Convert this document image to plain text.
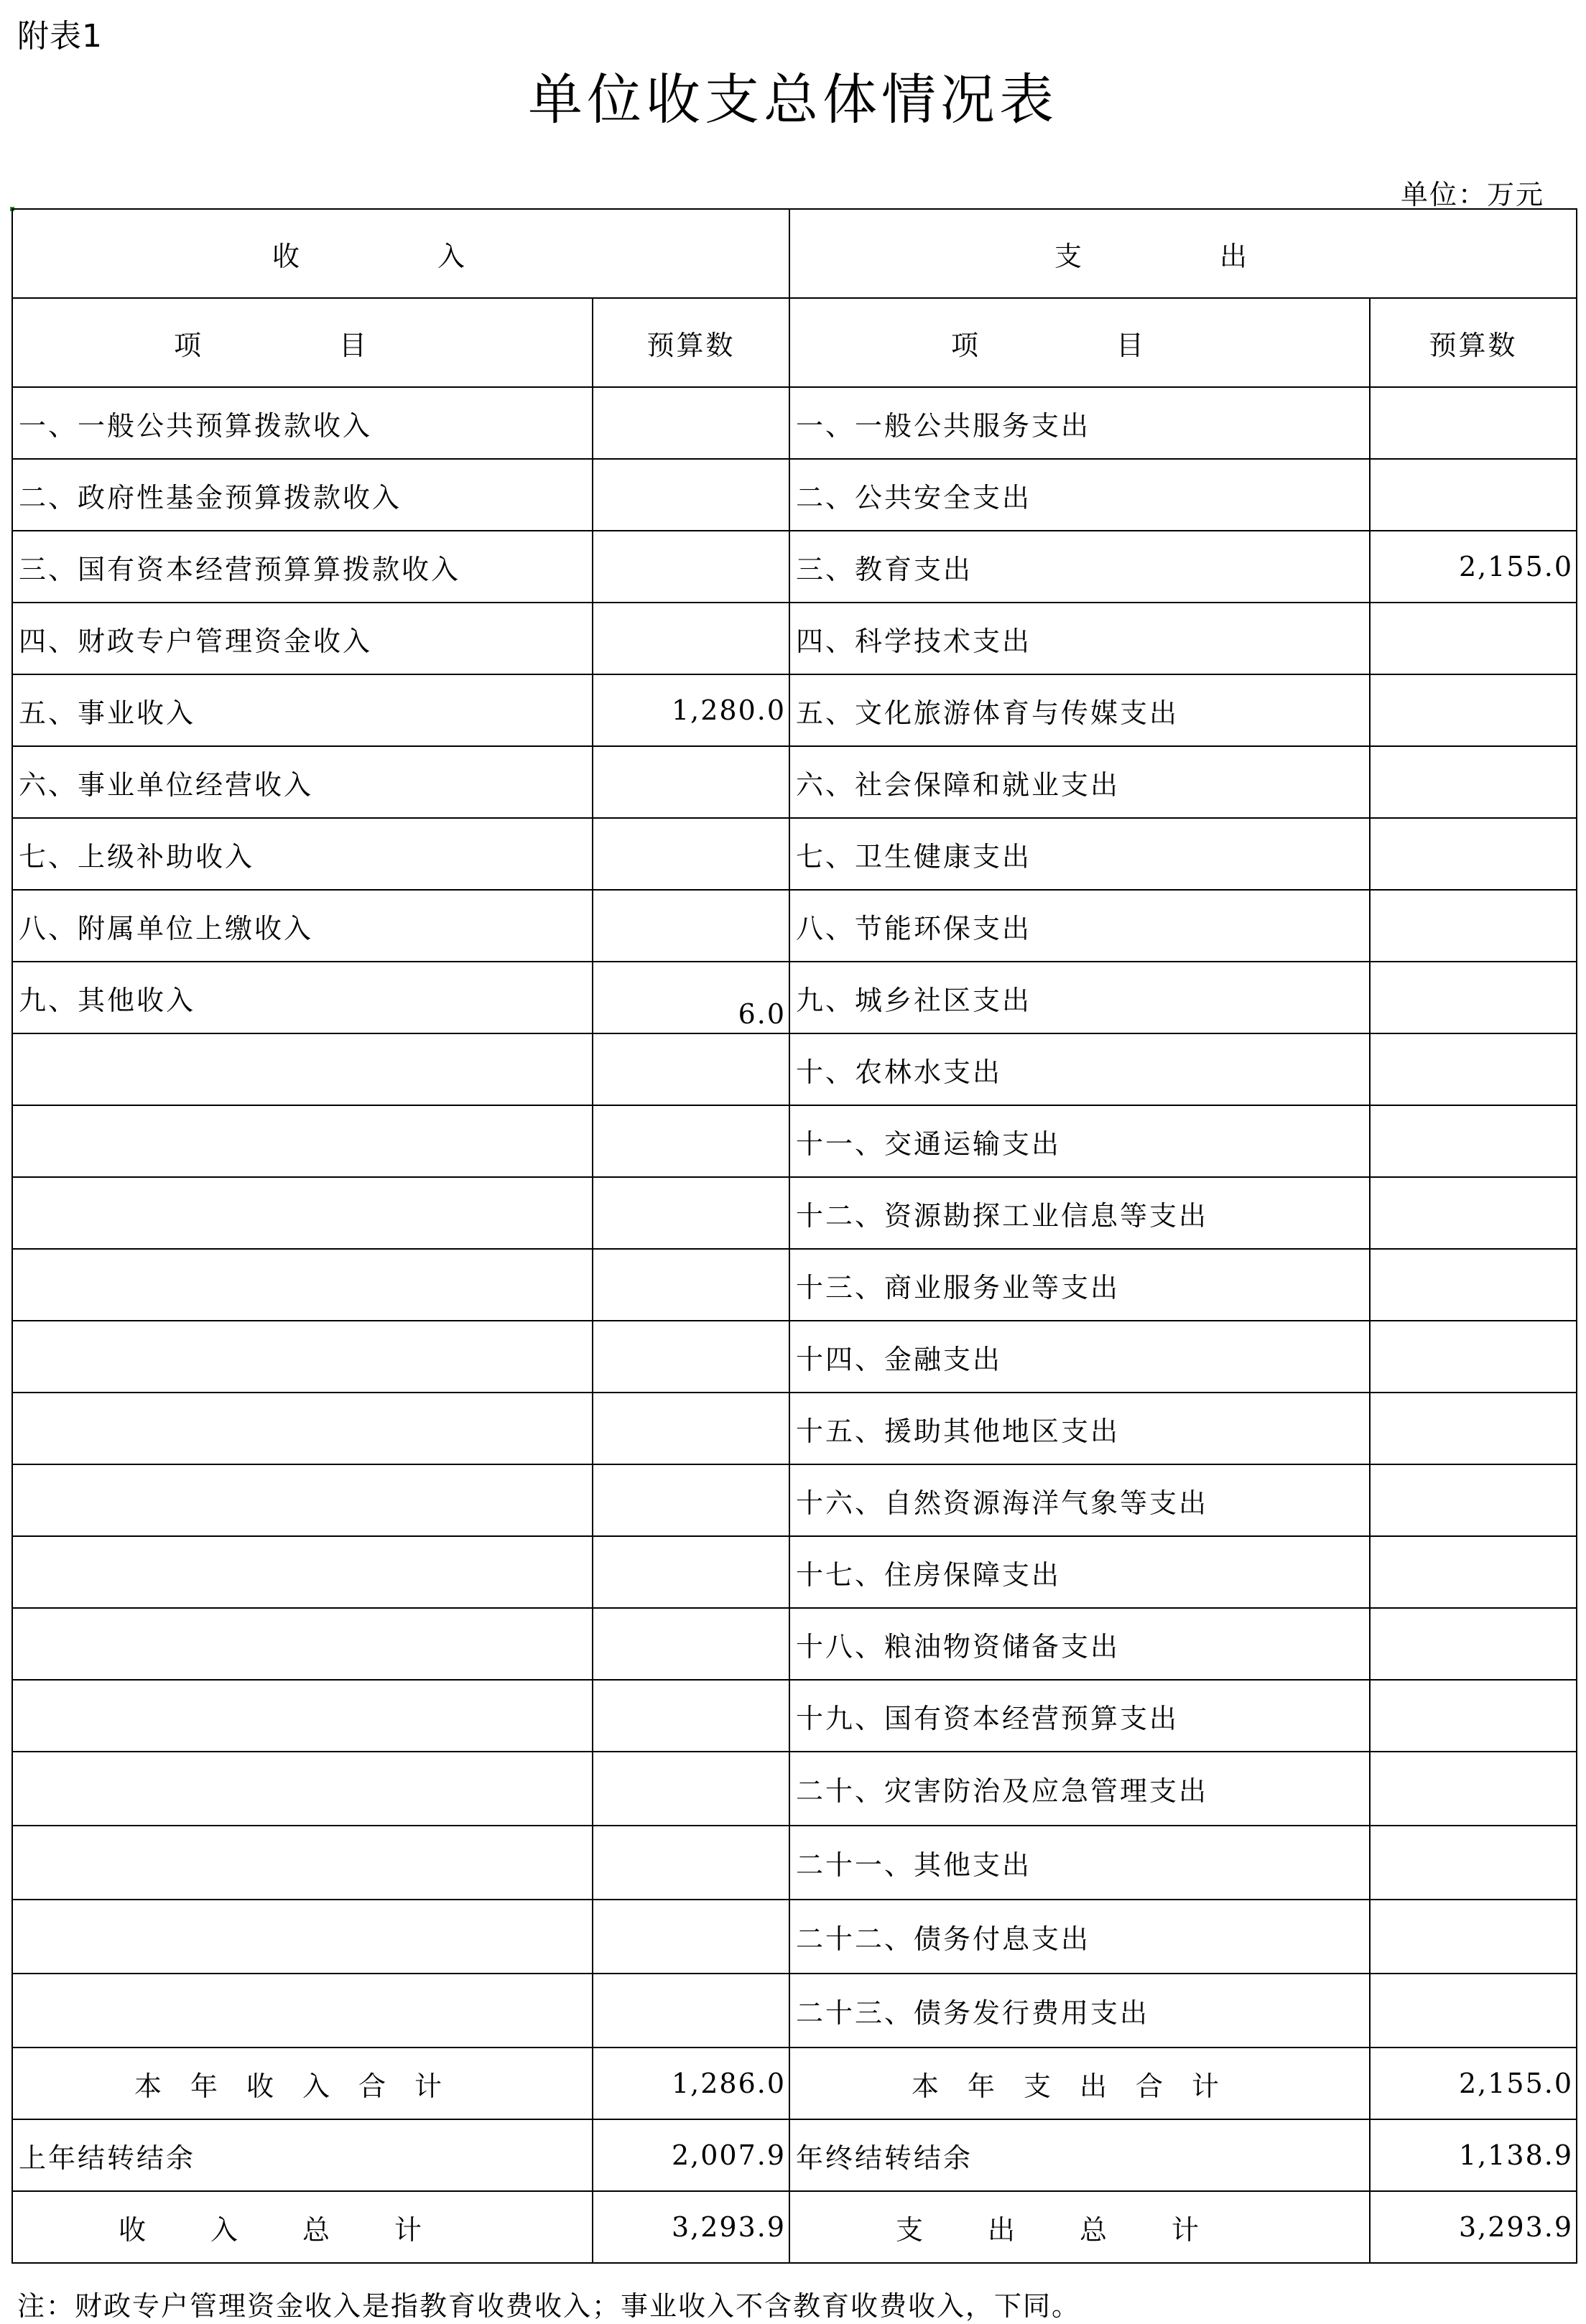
附表1
单位收支总体情况表
单位：万元
收 入		支 出	
项 目	预算数	项 目	预算数
一、一般公共预算拨款收入		一、一般公共服务支出	
二、政府性基金预算拨款收入		二、公共安全支出	
三、国有资本经营预算算拨款收入		三、教育支出	2,155.0
四、财政专户管理资金收入		四、科学技术支出	
五、事业收入	1,280.0	五、文化旅游体育与传媒支出	
六、事业单位经营收入		六、社会保障和就业支出	
七、上级补助收入		七、卫生健康支出	
八、附属单位上缴收入		八、节能环保支出	
九、其他收入	6.0	九、城乡社区支出	
		十、农林水支出	
		十一、交通运输支出	
		十二、资源勘探工业信息等支出	
		十三、商业服务业等支出	
		十四、金融支出	
		十五、援助其他地区支出	
		十六、自然资源海洋气象等支出	
		十七、住房保障支出	
		十八、粮油物资储备支出	
		十九、国有资本经营预算支出	
		二十、灾害防治及应急管理支出	
		二十一、其他支出	
		二十二、债务付息支出	
		二十三、债务发行费用支出	
本年收入合计	1,286.0	本年支出合计	2,155.0
上年结转结余	2,007.9	年终结转结余	1,138.9
收入总计	3,293.9	支出总计	3,293.9
注：财政专户管理资金收入是指教育收费收入；事业收入不含教育收费收入，下同。
